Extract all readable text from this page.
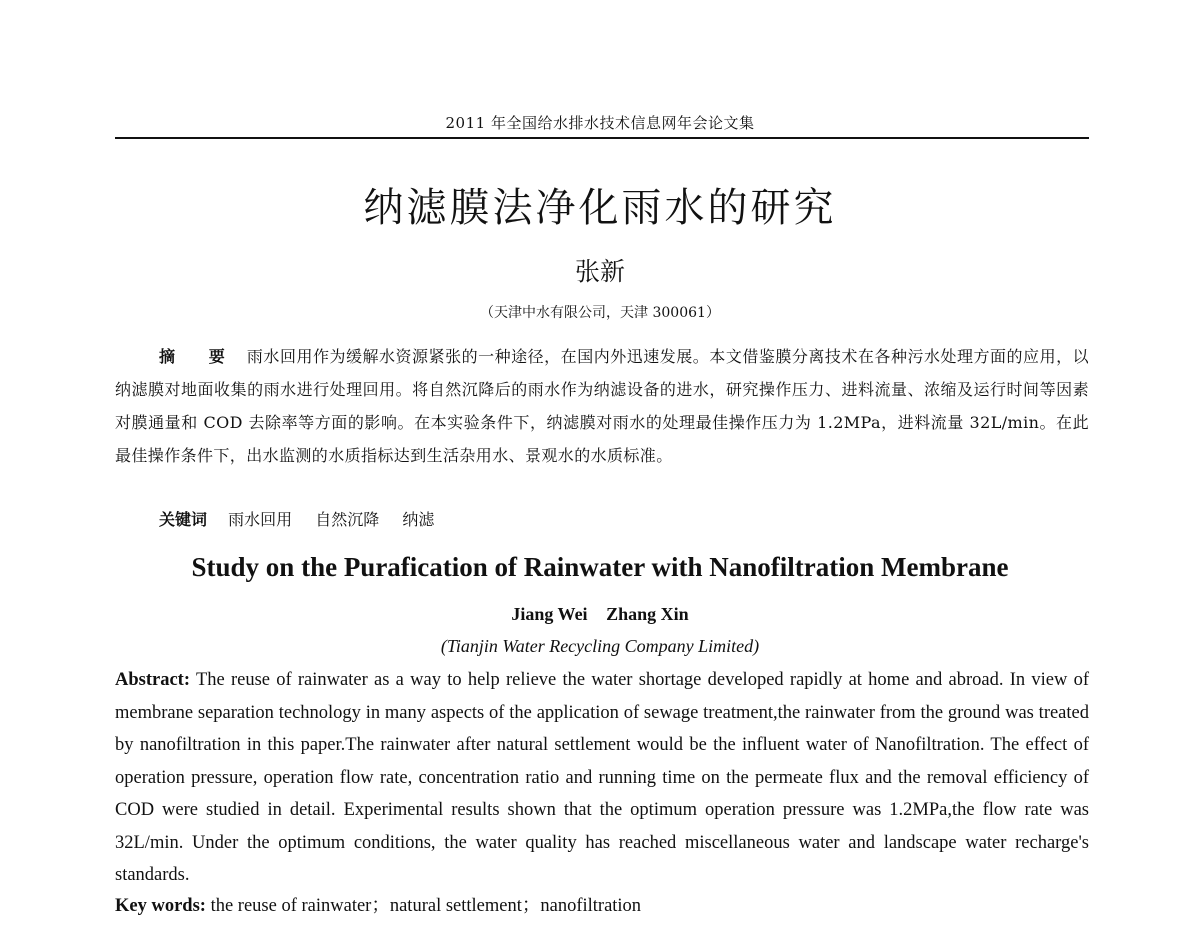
2011 年全国给水排水技术信息网年会论文集
纳滤膜法净化雨水的研究
张新
（天津中水有限公司，天津 300061）
摘 要 雨水回用作为缓解水资源紧张的一种途径，在国内外迅速发展。本文借鉴膜分离技术在各种污水处理方面的应用，以纳滤膜对地面收集的雨水进行处理回用。将自然沉降后的雨水作为纳滤设备的进水，研究操作压力、进料流量、浓缩及运行时间等因素对膜通量和 COD 去除率等方面的影响。在本实验条件下，纳滤膜对雨水的处理最佳操作压力为 1.2MPa，进料流量 32L/min。在此最佳操作条件下，出水监测的水质指标达到生活杂用水、景观水的水质标准。
关键词 雨水回用 自然沉降 纳滤
Study on the Purafication of Rainwater with Nanofiltration Membrane
Jiang Wei Zhang Xin
(Tianjin Water Recycling Company Limited)
Abstract: The reuse of rainwater as a way to help relieve the water shortage developed rapidly at home and abroad. In view of membrane separation technology in many aspects of the application of sewage treatment,the rainwater from the ground was treated by nanofiltration in this paper.The rainwater after natural settlement would be the influent water of Nanofiltration. The effect of operation pressure, operation flow rate, concentration ratio and running time on the permeate flux and the removal efficiency of COD were studied in detail. Experimental results shown that the optimum operation pressure was 1.2MPa,the flow rate was 32L/min. Under the optimum conditions, the water quality has reached miscellaneous water and landscape water recharge's standards.
Key words: the reuse of rainwater；natural settlement；nanofiltration
